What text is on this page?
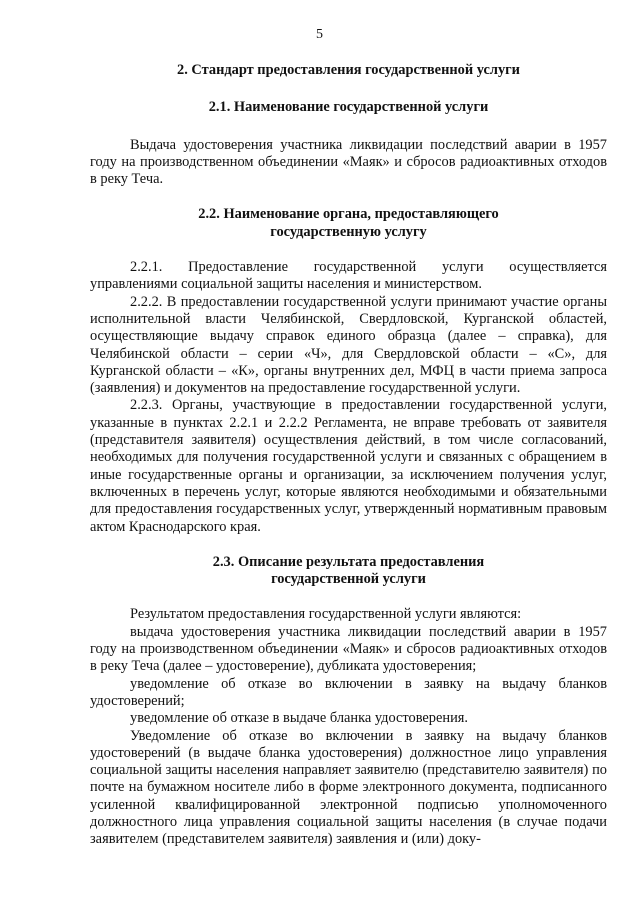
5

2. Стандарт предоставления государственной услуги

2.1. Наименование государственной услуги

Выдача удостоверения участника ликвидации последствий аварии в 1957 году на производственном объединении «Маяк» и сбросов радиоактивных отходов в реку Теча.

2.2. Наименование органа, предоставляющего

государственную услугу

2.2.1. Предоставление государственной услуги осуществляется управлениями социальной защиты населения и министерством.

2.2.2. В предоставлении государственной услуги принимают участие органы исполнительной власти Челябинской, Свердловской, Курганской областей, осуществляющие выдачу справок единого образца (далее – справка), для Челябинской области – серии «Ч», для Свердловской области – «С», для Курганской области – «К», органы внутренних дел, МФЦ в части приема запроса (заявления) и документов на предоставление государственной услуги.

2.2.3. Органы, участвующие в предоставлении государственной услуги, указанные в пунктах 2.2.1 и 2.2.2 Регламента, не вправе требовать от заявителя (представителя заявителя) осуществления действий, в том числе согласований, необходимых для получения государственной услуги и связанных с обращением в иные государственные органы и организации, за исключением получения услуг, включенных в перечень услуг, которые являются необходимыми и обязательными для предоставления государственных услуг, утвержденный нормативным правовым актом Краснодарского края.

2.3. Описание результата предоставления

государственной услуги

Результатом предоставления государственной услуги являются:

выдача удостоверения участника ликвидации последствий аварии в 1957 году на производственном объединении «Маяк» и сбросов радиоактивных отходов в реку Теча (далее – удостоверение), дубликата удостоверения;

уведомление об отказе во включении в заявку на выдачу бланков удостоверений;

уведомление об отказе в выдаче бланка удостоверения.

Уведомление об отказе во включении в заявку на выдачу бланков удостоверений (в выдаче бланка удостоверения) должностное лицо управления социальной защиты населения направляет заявителю (представителю заявителя) по почте на бумажном носителе либо в форме электронного документа, подписанного усиленной квалифицированной электронной подписью уполномоченного должностного лица управления социальной защиты населения (в случае подачи заявителем (представителем заявителя) заявления и (или) доку-
